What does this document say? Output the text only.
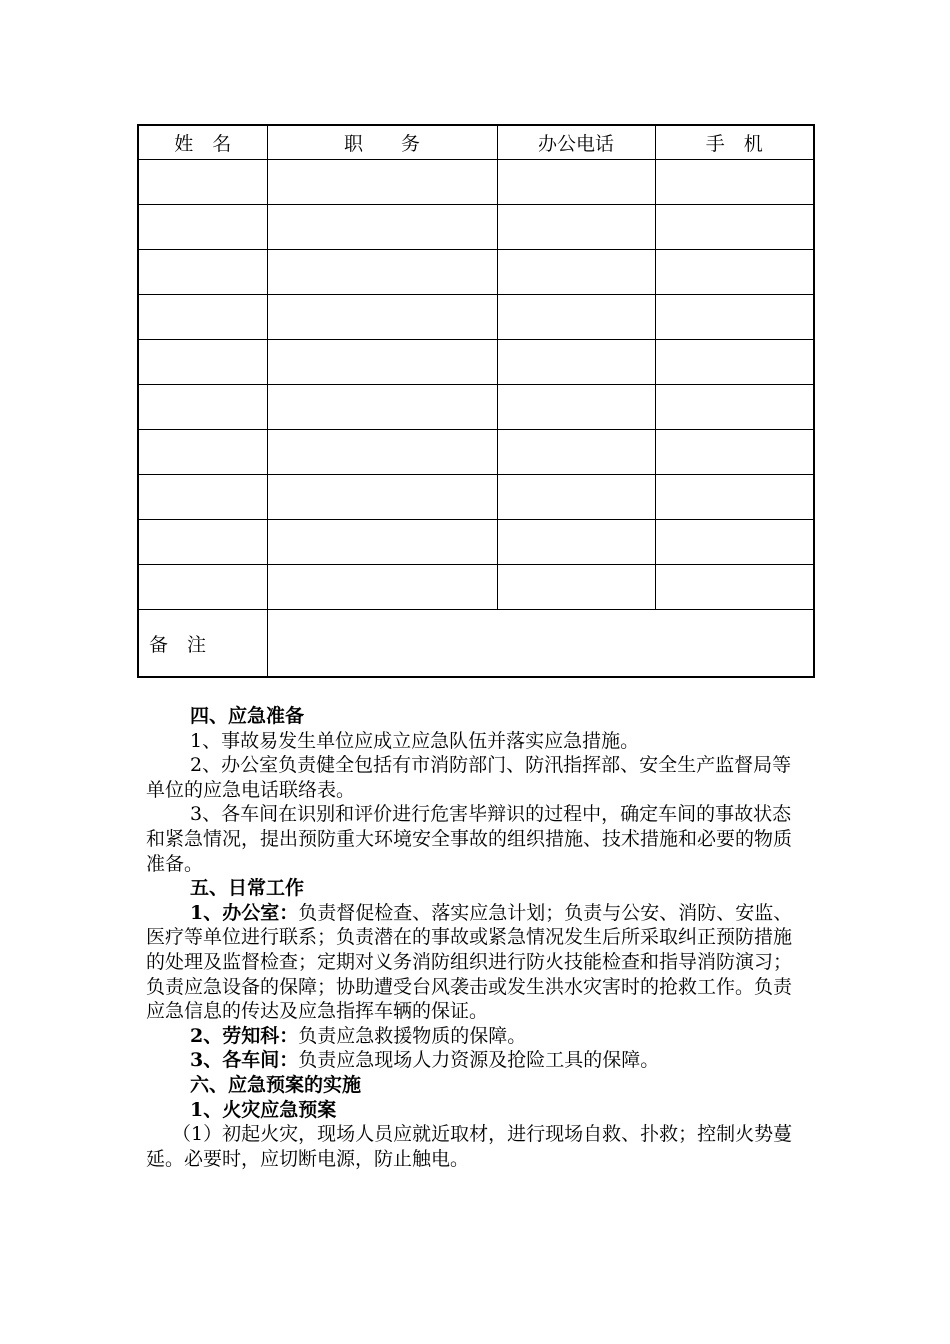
姓　名	职　　务	办公电话	手　机

备　注			

四、应急准备

1、事故易发生单位应成立应急队伍并落实应急措施。

2、办公室负责健全包括有市消防部门、防汛指挥部、安全生产监督局等单位的应急电话联络表。

3、各车间在识别和评价进行危害毕辩识的过程中，确定车间的事故状态和紧急情况，提出预防重大环境安全事故的组织措施、技术措施和必要的物质准备。

五、日常工作

1、办公室：负责督促检查、落实应急计划；负责与公安、消防、安监、医疗等单位进行联系；负责潜在的事故或紧急情况发生后所采取纠正预防措施的处理及监督检查；定期对义务消防组织进行防火技能检查和指导消防演习；负责应急设备的保障；协助遭受台风袭击或发生洪水灾害时的抢救工作。负责应急信息的传达及应急指挥车辆的保证。

2、劳知科：负责应急救援物质的保障。

3、各车间：负责应急现场人力资源及抢险工具的保障。

六、应急预案的实施

1、火灾应急预案

（1）初起火灾，现场人员应就近取材，进行现场自救、扑救；控制火势蔓延。必要时，应切断电源，防止触电。
